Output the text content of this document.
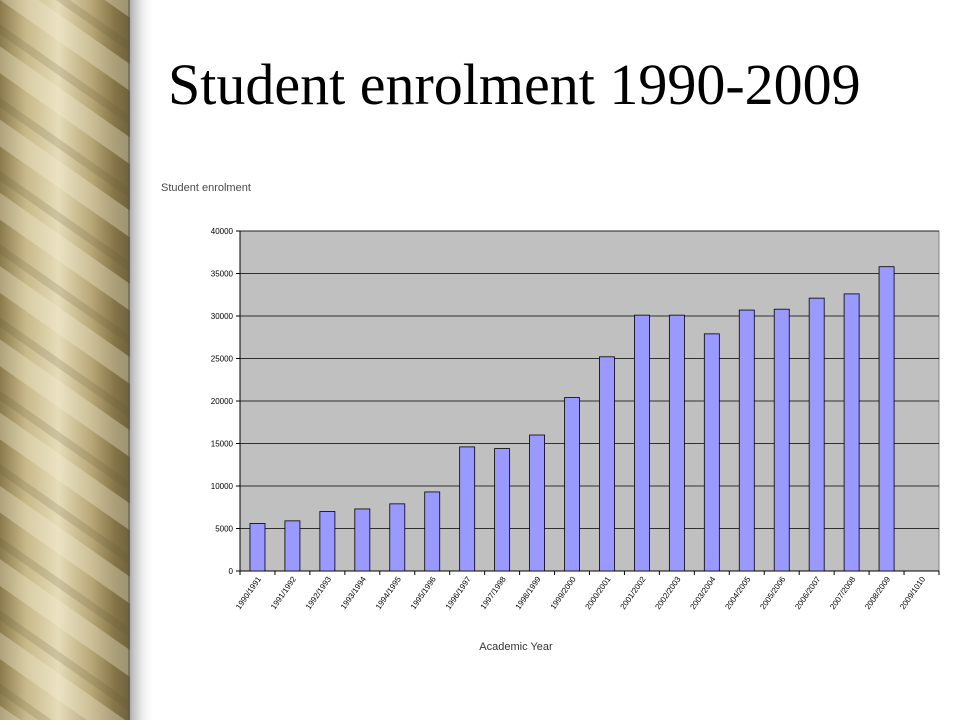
Student enrolment 1990-2009
Student enrolment
0
5000
10000
15000
20000
25000
30000
35000
40000
1990/1991 1991/1992 1992/1993 1993/1994 1994/1995 1995/1996 1996/1997 1997/1998 1998/1999 1999/2000 2000/2001 2001/2002 2002/2003 2003/2004 2004/2005 2005/2006 2006/2007 2007/2008 2008/2009 2009/1010
Academic Year
